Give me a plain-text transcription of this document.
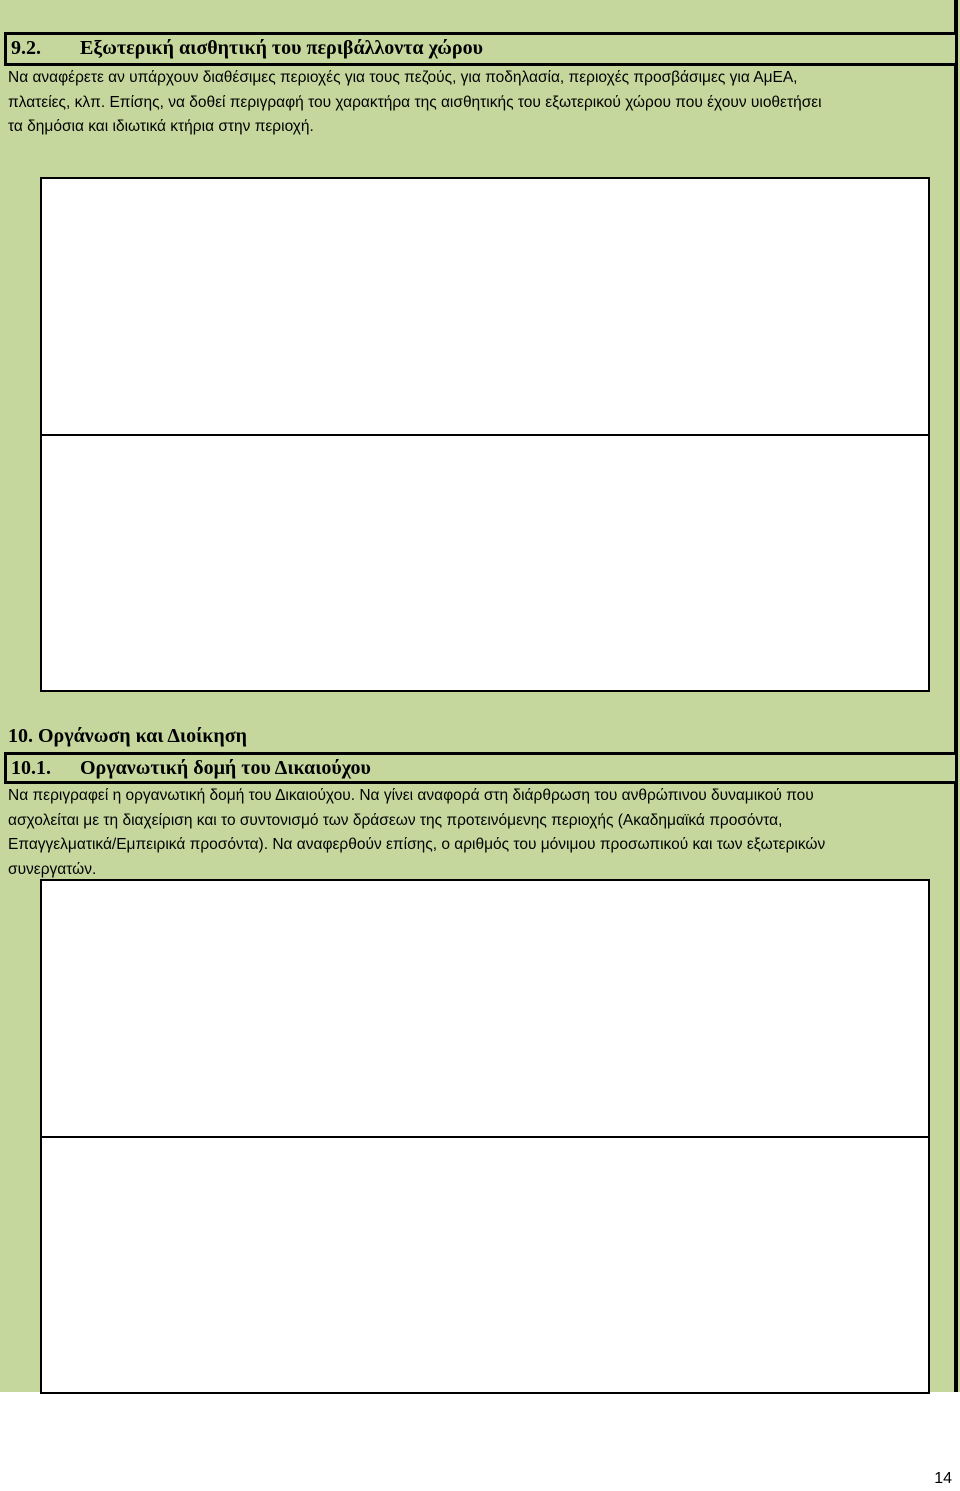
9.2. Εξωτερική αισθητική του περιβάλλοντα χώρου
Να αναφέρετε αν υπάρχουν διαθέσιμες περιοχές για τους πεζούς, για ποδηλασία, περιοχές προσβάσιμες για ΑμΕΑ,
πλατείες, κλπ. Επίσης, να δοθεί περιγραφή του χαρακτήρα της αισθητικής του εξωτερικού χώρου που έχουν υιοθετήσει
τα δημόσια και ιδιωτικά κτήρια στην περιοχή.
10. Οργάνωση και Διοίκηση
10.1. Οργανωτική δομή του Δικαιούχου
Να περιγραφεί η οργανωτική δομή του Δικαιούχου. Να γίνει αναφορά στη διάρθρωση του ανθρώπινου δυναμικού που
ασχολείται με τη διαχείριση και το συντονισμό των δράσεων της προτεινόμενης περιοχής (Ακαδημαϊκά προσόντα,
Επαγγελματικά/Εμπειρικά προσόντα). Να αναφερθούν επίσης, ο αριθμός του μόνιμου προσωπικού και των εξωτερικών
συνεργατών.
14
